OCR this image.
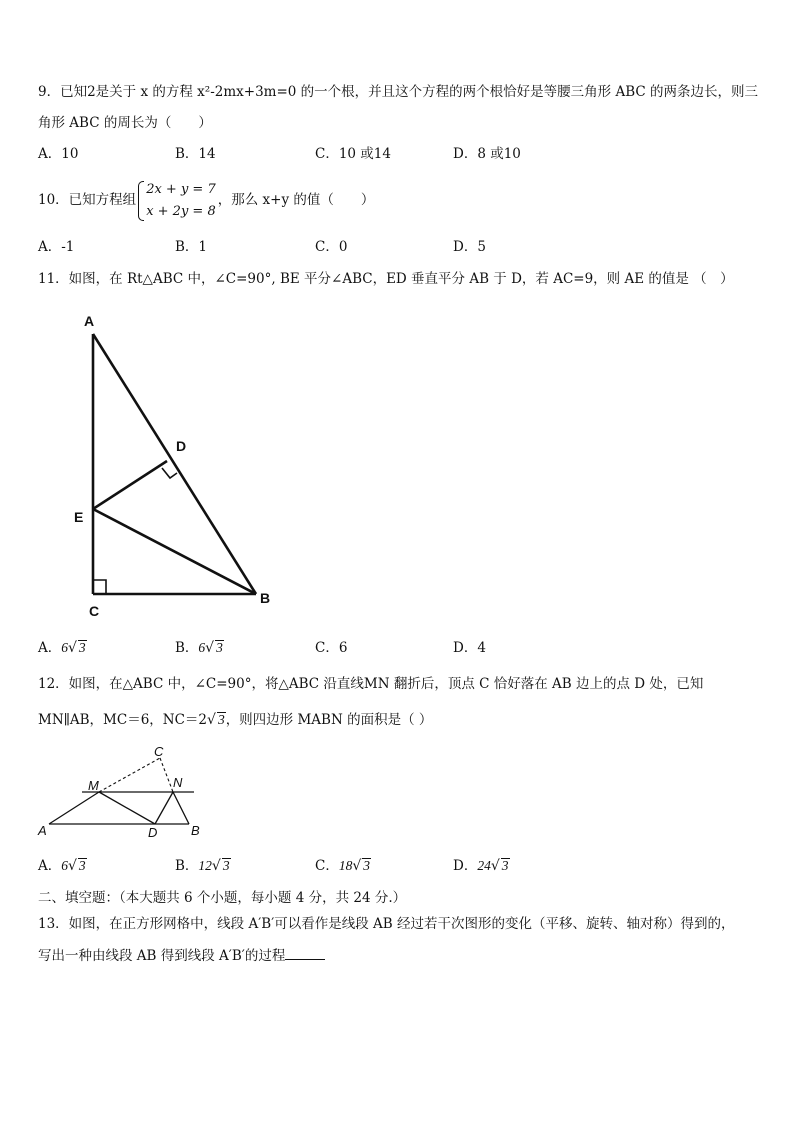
9．已知2是关于 x 的方程 x²-2mx+3m=0 的一个根，并且这个方程的两个根恰好是等腰三角形 ABC 的两条边长，则三
角形 ABC 的周长为（　　）
A．10	B．14	C．10 或14	D．8 或10
10．已知方程组
2x + y = 7
x + 2y = 8
，那么 x+y 的值（　　）
A．-1	B．1	C．0	D．5
11．如图，在 Rt△ABC 中，∠C=90°, BE 平分∠ABC，ED 垂直平分 AB 于 D，若 AC=9，则 AE 的值是 （　）
A
D
E
C
B
A．6√ 3	B．6√ 3	C．6	D．4
12．如图，在△ABC 中，∠C=90°，将△ABC 沿直线MN 翻折后，顶点 C 恰好落在 AB 边上的点 D 处，已知
MN∥AB，MC＝6，NC＝2√ 3，则四边形 MABN 的面积是（ ）
C
M	N
A	D	B
A．6√ 3	B．12√ 3	C．18√ 3	D．24√ 3
二、填空题：（本大题共 6 个小题，每小题 4 分，共 24 分.）
13．如图，在正方形网格中，线段 A′B′可以看作是线段 AB 经过若干次图形的变化（平移、旋转、轴对称）得到的，
写出一种由线段 AB 得到线段 A′B′的过程
